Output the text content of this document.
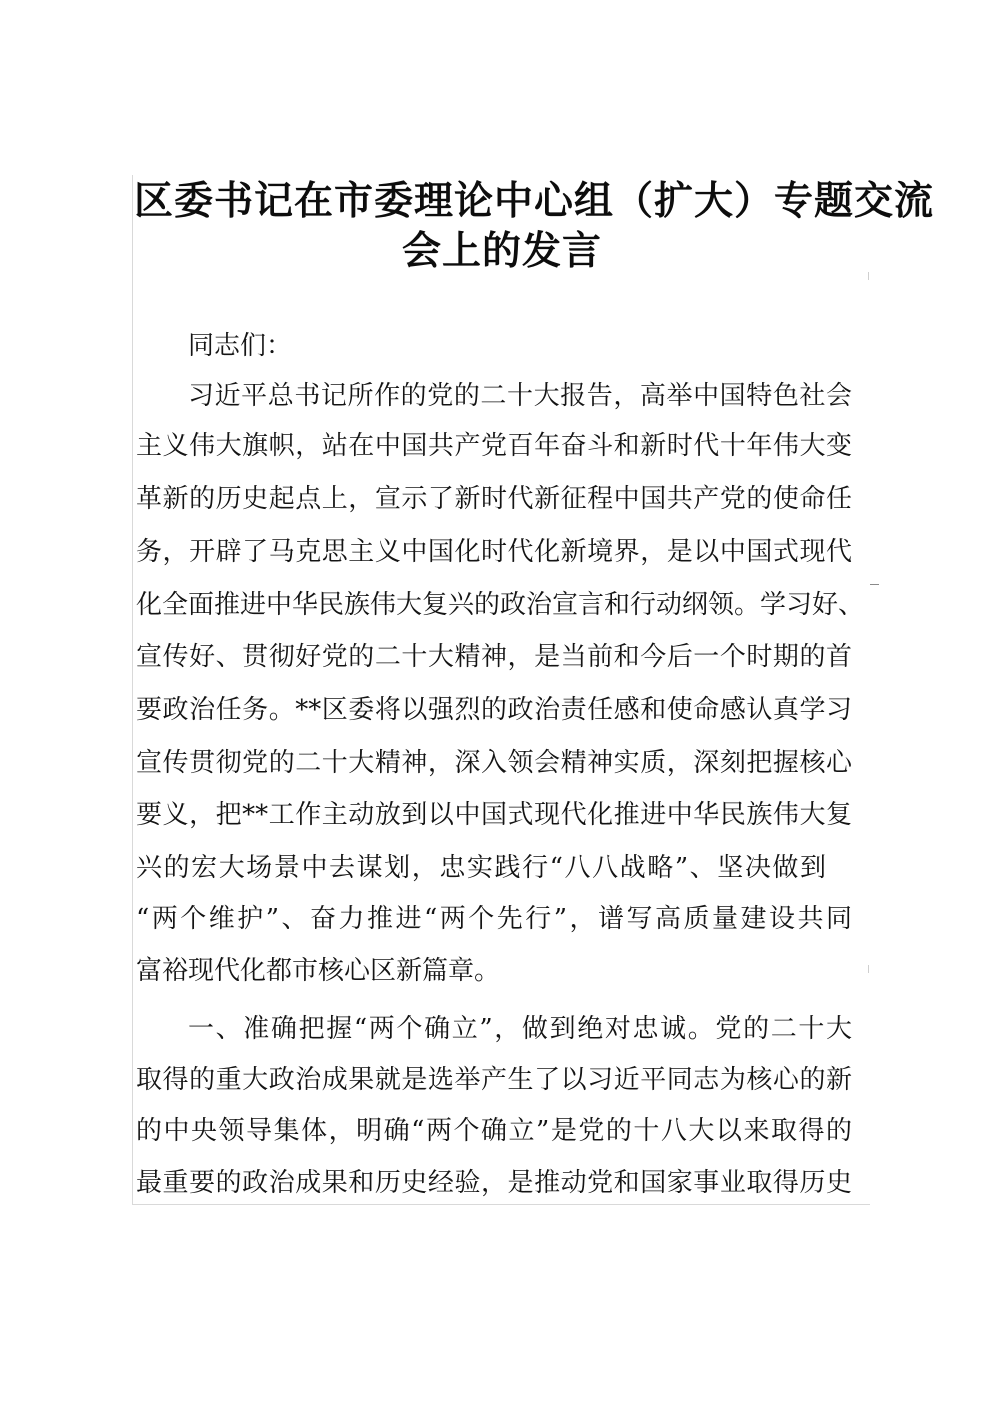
区委书记在市委理论中心组（扩大）专题交流
会上的发言

同志们：

习近平总书记所作的党的二十大报告，高举中国特色社会

主义伟大旗帜，站在中国共产党百年奋斗和新时代十年伟大变

革新的历史起点上，宣示了新时代新征程中国共产党的使命任

务，开辟了马克思主义中国化时代化新境界，是以中国式现代

化全面推进中华民族伟大复兴的政治宣言和行动纲领。学习好、

宣传好、贯彻好党的二十大精神，是当前和今后一个时期的首

要政治任务。**区委将以强烈的政治责任感和使命感认真学习

宣传贯彻党的二十大精神，深入领会精神实质，深刻把握核心

要义，把**工作主动放到以中国式现代化推进中华民族伟大复

兴的宏大场景中去谋划，忠实践行“八八战略”、坚决做到

“两个维护”、奋力推进“两个先行”，谱写高质量建设共同

富裕现代化都市核心区新篇章。

一、准确把握“两个确立”，做到绝对忠诚。党的二十大

取得的重大政治成果就是选举产生了以习近平同志为核心的新

的中央领导集体，明确“两个确立”是党的十八大以来取得的

最重要的政治成果和历史经验，是推动党和国家事业取得历史
